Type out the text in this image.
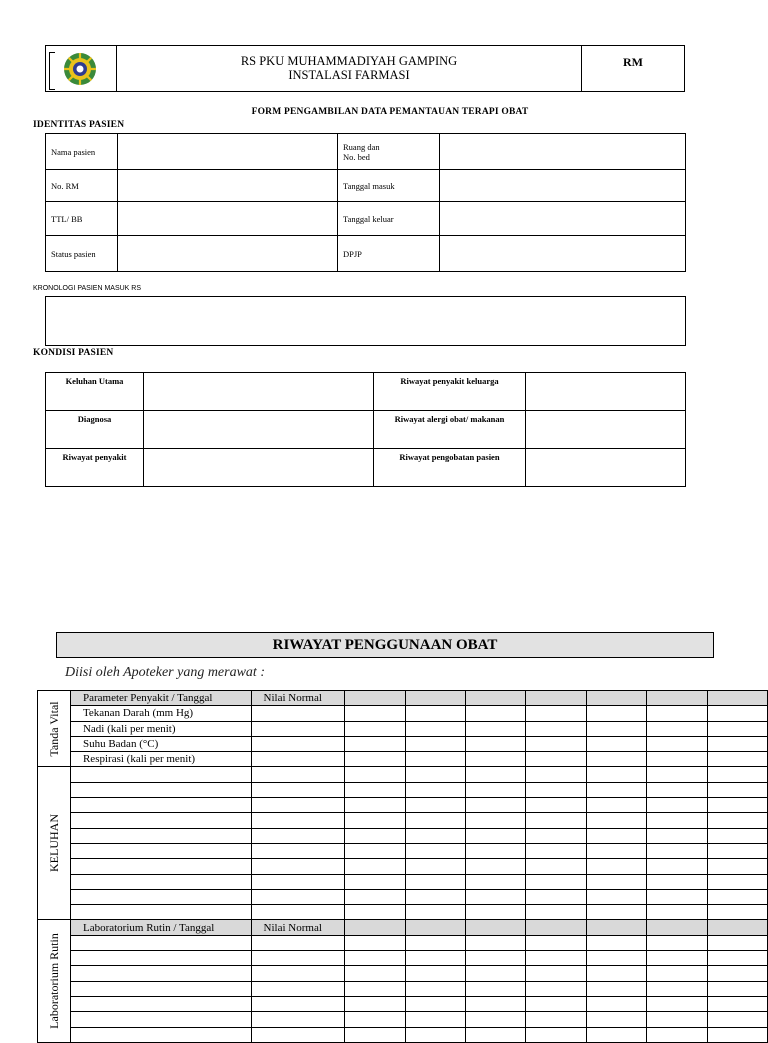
RS PKU MUHAMMADIYAH GAMPING
INSTALASI FARMASI
RM
FORM PENGAMBILAN DATA PEMANTAUAN TERAPI OBAT
IDENTITAS PASIEN
Nama pasien		Ruang dan
No. bed	

No. RM		Tanggal masuk	
TTL/ BB		Tanggal keluar	
Status pasien		DPJP	
KRONOLOGI PASIEN MASUK RS
KONDISI PASIEN
Keluhan Utama		Riwayat penyakit keluarga	
Diagnosa		Riwayat alergi obat/ makanan	
Riwayat penyakit		Riwayat pengobatan pasien	
RIWAYAT PENGGUNAAN OBAT
Diisi oleh Apoteker yang merawat :
Tanda Vital	Parameter Penyakit / Tanggal	Nilai Normal							
	Tekanan Darah (mm Hg)								
	Nadi (kali per menit)								
	Suhu Badan (°C)								
	Respirasi (kali per menit)								

KELUHAN									

Laboratorium Rutin	Laboratorium Rutin / Tanggal	Nilai Normal							
